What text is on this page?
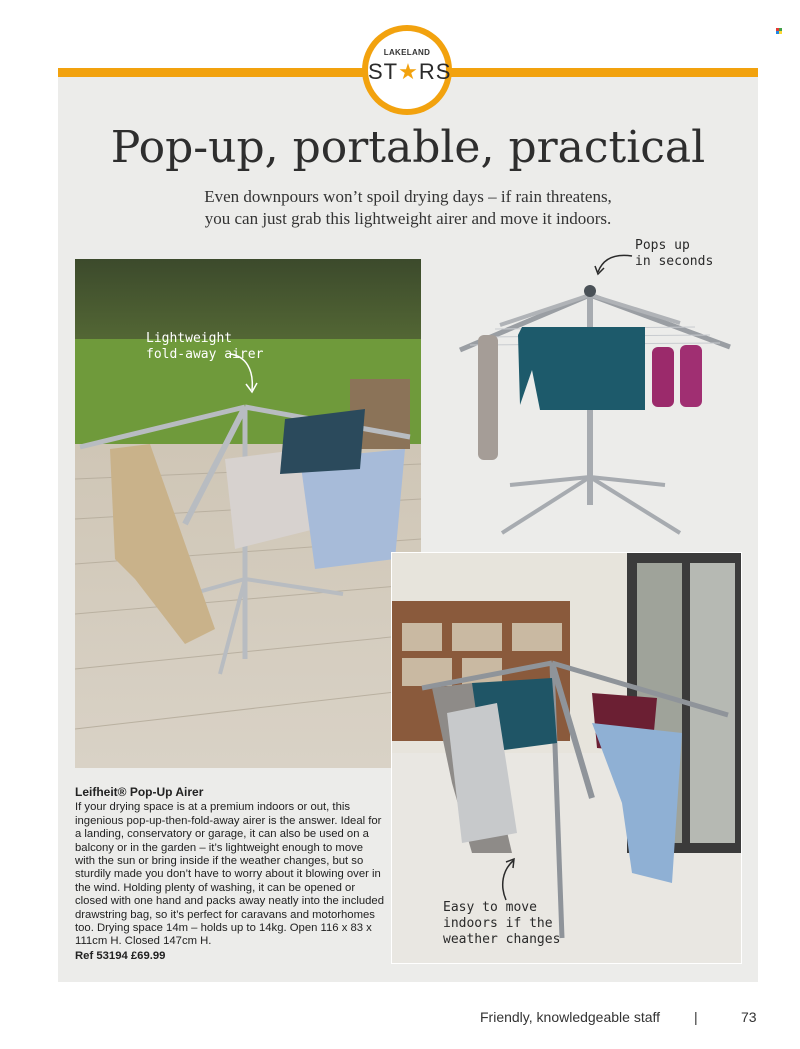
LAKELAND
ST★RS
Pop-up, portable, practical
Even downpours won’t spoil drying days – if rain threatens,
you can just grab this lightweight airer and move it indoors.
Pops up
in seconds
Lightweight
fold-away airer
Easy to move
indoors if the
weather changes
Leifheit® Pop-Up Airer
If your drying space is at a premium indoors or out, this ingenious pop-up-then-fold-away airer is the answer. Ideal for a landing, conservatory or garage, it can also be used on a balcony or in the garden – it’s lightweight enough to move with the sun or bring inside if the weather changes, but so sturdily made you don’t have to worry about it blowing over in the wind. Holding plenty of washing, it can be opened or closed with one hand and packs away neatly into the included drawstring bag, so it’s perfect for caravans and motorhomes too. Drying space 14m – holds up to 14kg. Open 116 x 83 x 111cm H. Closed 147cm H.
Ref 53194 £69.99
Friendly, knowledgeable staff |	73
